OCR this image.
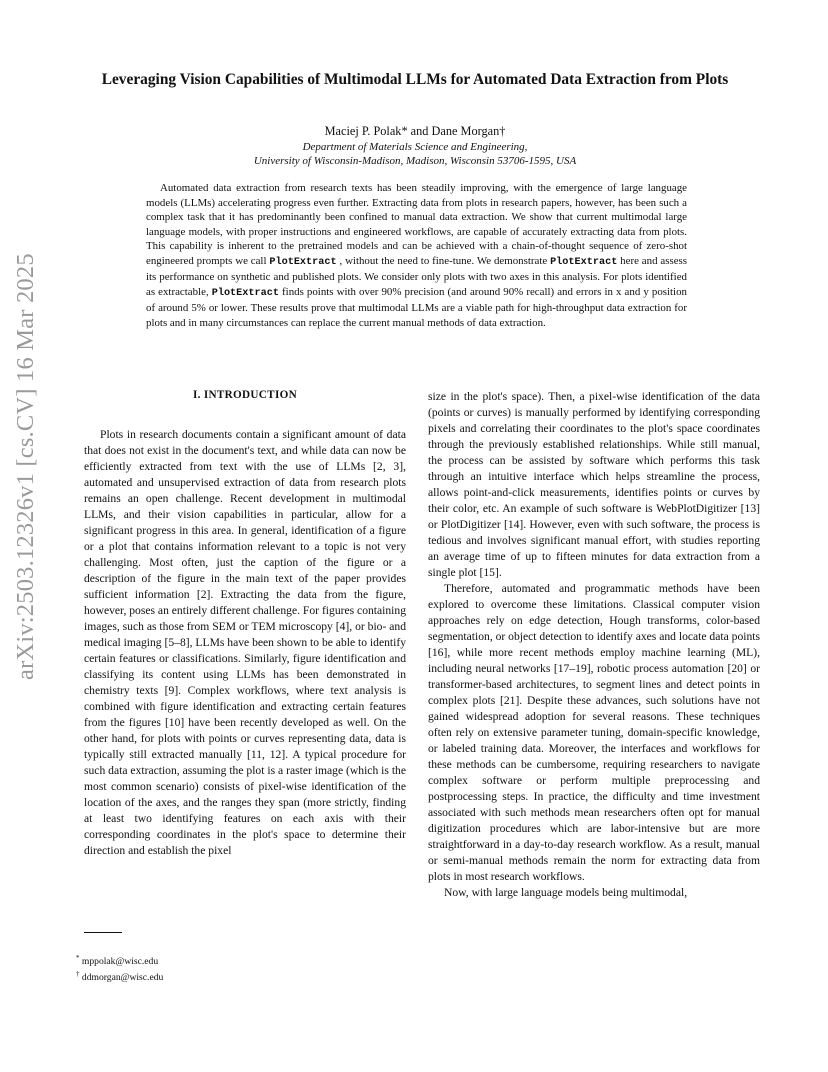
arXiv:2503.12326v1 [cs.CV] 16 Mar 2025
Leveraging Vision Capabilities of Multimodal LLMs for Automated Data Extraction from Plots
Maciej P. Polak* and Dane Morgan†
Department of Materials Science and Engineering,
University of Wisconsin-Madison, Madison, Wisconsin 53706-1595, USA

Automated data extraction from research texts has been steadily improving, with the emergence of large language models (LLMs) accelerating progress even further. Extracting data from plots in research papers, however, has been such a complex task that it has predominantly been confined to manual data extraction. We show that current multimodal large language models, with proper instructions and engineered workflows, are capable of accurately extracting data from plots. This capability is inherent to the pretrained models and can be achieved with a chain-of-thought sequence of zero-shot engineered prompts we call PlotExtract , without the need to fine-tune. We demonstrate PlotExtract here and assess its performance on synthetic and published plots. We consider only plots with two axes in this analysis. For plots identified as extractable, PlotExtract finds points with over 90% precision (and around 90% recall) and errors in x and y position of around 5% or lower. These results prove that multimodal LLMs are a viable path for high-throughput data extraction for plots and in many circumstances can replace the current manual methods of data extraction.

I. INTRODUCTION

Plots in research documents contain a significant amount of data that does not exist in the document's text, and while data can now be efficiently extracted from text with the use of LLMs [2, 3], automated and unsupervised extraction of data from research plots remains an open challenge. Recent development in multimodal LLMs, and their vision capabilities in particular, allow for a significant progress in this area. In general, identification of a figure or a plot that contains information relevant to a topic is not very challenging. Most often, just the caption of the figure or a description of the figure in the main text of the paper provides sufficient information [2]. Extracting the data from the figure, however, poses an entirely different challenge. For figures containing images, such as those from SEM or TEM microscopy [4], or bio- and medical imaging [5–8], LLMs have been shown to be able to identify certain features or classifications. Similarly, figure identification and classifying its content using LLMs has been demonstrated in chemistry texts [9]. Complex workflows, where text analysis is combined with figure identification and extracting certain features from the figures [10] have been recently developed as well. On the other hand, for plots with points or curves representing data, data is typically still extracted manually [11, 12]. A typical procedure for such data extraction, assuming the plot is a raster image (which is the most common scenario) consists of pixel-wise identification of the location of the axes, and the ranges they span (more strictly, finding at least two identifying features on each axis with their corresponding coordinates in the plot's space to determine their direction and establish the pixel

size in the plot's space). Then, a pixel-wise identification of the data (points or curves) is manually performed by identifying corresponding pixels and correlating their coordinates to the plot's space coordinates through the previously established relationships. While still manual, the process can be assisted by software which performs this task through an intuitive interface which helps streamline the process, allows point-and-click measurements, identifies points or curves by their color, etc. An example of such software is WebPlotDigitizer [13] or PlotDigitizer [14]. However, even with such software, the process is tedious and involves significant manual effort, with studies reporting an average time of up to fifteen minutes for data extraction from a single plot [15].

Therefore, automated and programmatic methods have been explored to overcome these limitations. Classical computer vision approaches rely on edge detection, Hough transforms, color-based segmentation, or object detection to identify axes and locate data points [16], while more recent methods employ machine learning (ML), including neural networks [17–19], robotic process automation [20] or transformer-based architectures, to segment lines and detect points in complex plots [21]. Despite these advances, such solutions have not gained widespread adoption for several reasons. These techniques often rely on extensive parameter tuning, domain-specific knowledge, or labeled training data. Moreover, the interfaces and workflows for these methods can be cumbersome, requiring researchers to navigate complex software or perform multiple preprocessing and postprocessing steps. In practice, the difficulty and time investment associated with such methods mean researchers often opt for manual digitization procedures which are labor-intensive but are more straightforward in a day-to-day research workflow. As a result, manual or semi-manual methods remain the norm for extracting data from plots in most research workflows.

Now, with large language models being multimodal,

* mppolak@wisc.edu
† ddmorgan@wisc.edu
